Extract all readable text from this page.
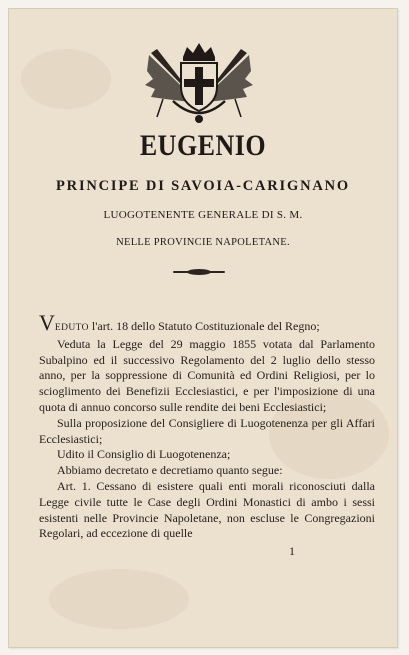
EUGENIO
PRINCIPE DI SAVOIA-CARIGNANO
LUOGOTENENTE GENERALE DI S. M.
NELLE PROVINCIE NAPOLETANE.

VEDUTO l'art. 18 dello Statuto Costituzionale del Regno;

Veduta la Legge del 29 maggio 1855 votata dal Parlamento Subalpino ed il successivo Regolamento del 2 luglio dello stesso anno, per la soppressione di Comunità ed Ordini Religiosi, per lo scioglimento dei Benefizii Ecclesiastici, e per l'imposizione di una quota di annuo concorso sulle rendite dei beni Ecclesiastici;

Sulla proposizione del Consigliere di Luogotenenza per gli Affari Ecclesiastici;

Udito il Consiglio di Luogotenenza;

Abbiamo decretato e decretiamo quanto segue:

Art. 1. Cessano di esistere quali enti morali riconosciuti dalla Legge civile tutte le Case degli Ordini Monastici di ambo i sessi esistenti nelle Provincie Napoletane, non escluse le Congregazioni Regolari, ad eccezione di quelle

1
